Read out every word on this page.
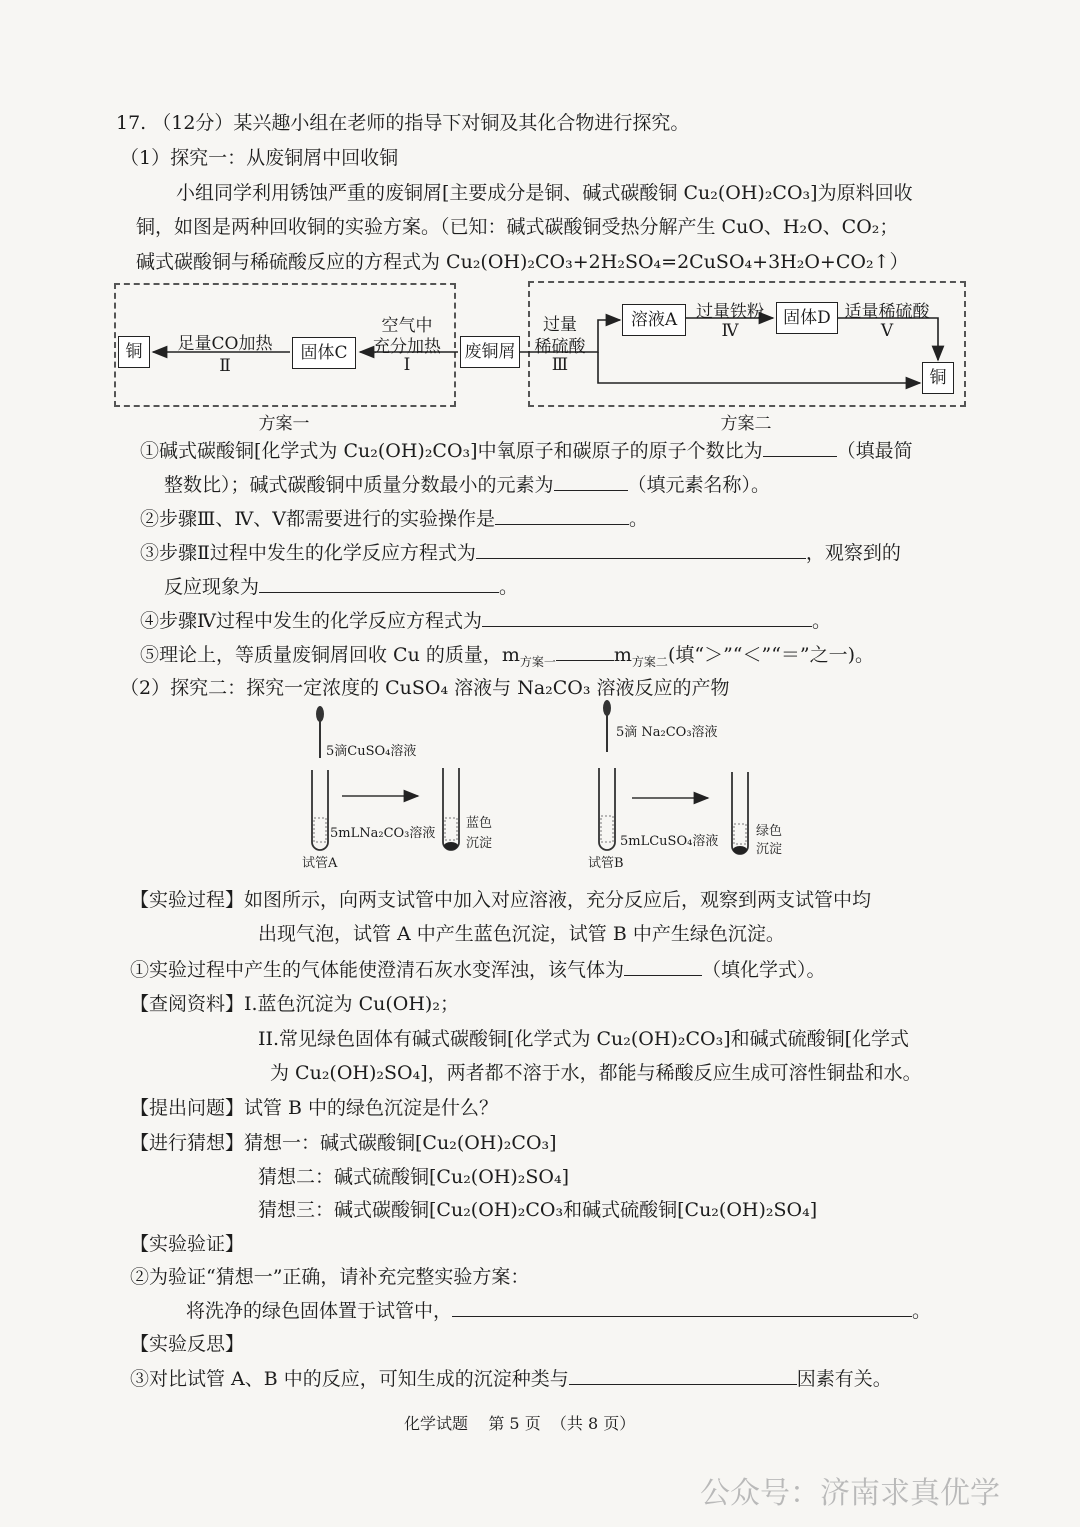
17. （12分）某兴趣小组在老师的指导下对铜及其化合物进行探究。
（1）探究一：从废铜屑中回收铜
小组同学利用锈蚀严重的废铜屑[主要成分是铜、碱式碳酸铜 Cu₂(OH)₂CO₃]为原料回收
铜，如图是两种回收铜的实验方案。（已知：碱式碳酸铜受热分解产生 CuO、H₂O、CO₂；
碱式碳酸铜与稀硫酸反应的方程式为 Cu₂(OH)₂CO₃+2H₂SO₄=2CuSO₄+3H₂O+CO₂↑）
铜	固体C	废铜屑
溶液A	固体D
铜
足量CO加热
Ⅱ
空气中
充分加热
Ⅰ
过量
稀硫酸
Ⅲ
过量铁粉
Ⅳ
适量稀硫酸
Ⅴ
方案一	方案二
①碱式碳酸铜[化学式为 Cu₂(OH)₂CO₃]中氧原子和碳原子的原子个数比为	（填最简
整数比）；碱式碳酸铜中质量分数最小的元素为	（填元素名称）。
②步骤Ⅲ、Ⅳ、Ⅴ都需要进行的实验操作是	。
③步骤Ⅱ过程中发生的化学反应方程式为	，观察到的
反应现象为	。
④步骤Ⅳ过程中发生的化学反应方程式为	。
⑤理论上，等质量废铜屑回收 Cu 的质量，$m_{方案一}$	$m_{方案二}$(填“＞”“＜”“＝”之一)。
（2）探究二：探究一定浓度的 CuSO₄ 溶液与 Na₂CO₃ 溶液反应的产物
5滴CuSO₄溶液
5mLNa₂CO₃溶液
蓝色
沉淀
试管A
5滴 Na₂CO₃溶液
5mLCuSO₄溶液
绿色
沉淀
试管B
【实验过程】如图所示，向两支试管中加入对应溶液，充分反应后，观察到两支试管中均
出现气泡，试管 A 中产生蓝色沉淀，试管 B 中产生绿色沉淀。
①实验过程中产生的气体能使澄清石灰水变浑浊，该气体为	（填化学式）。
【查阅资料】I.蓝色沉淀为 Cu(OH)₂；
II.常见绿色固体有碱式碳酸铜[化学式为 Cu₂(OH)₂CO₃]和碱式硫酸铜[化学式
为 Cu₂(OH)₂SO₄]，两者都不溶于水，都能与稀酸反应生成可溶性铜盐和水。
【提出问题】试管 B 中的绿色沉淀是什么？
【进行猜想】猜想一：碱式碳酸铜[Cu₂(OH)₂CO₃]
猜想二：碱式硫酸铜[Cu₂(OH)₂SO₄]
猜想三：碱式碳酸铜[Cu₂(OH)₂CO₃和碱式硫酸铜[Cu₂(OH)₂SO₄]
【实验验证】
②为验证“猜想一”正确，请补充完整实验方案：
将洗净的绿色固体置于试管中，	。
【实验反思】
③对比试管 A、B 中的反应，可知生成的沉淀种类与	因素有关。
化学试题    第 5 页  （共 8 页）
公众号：济南求真优学
